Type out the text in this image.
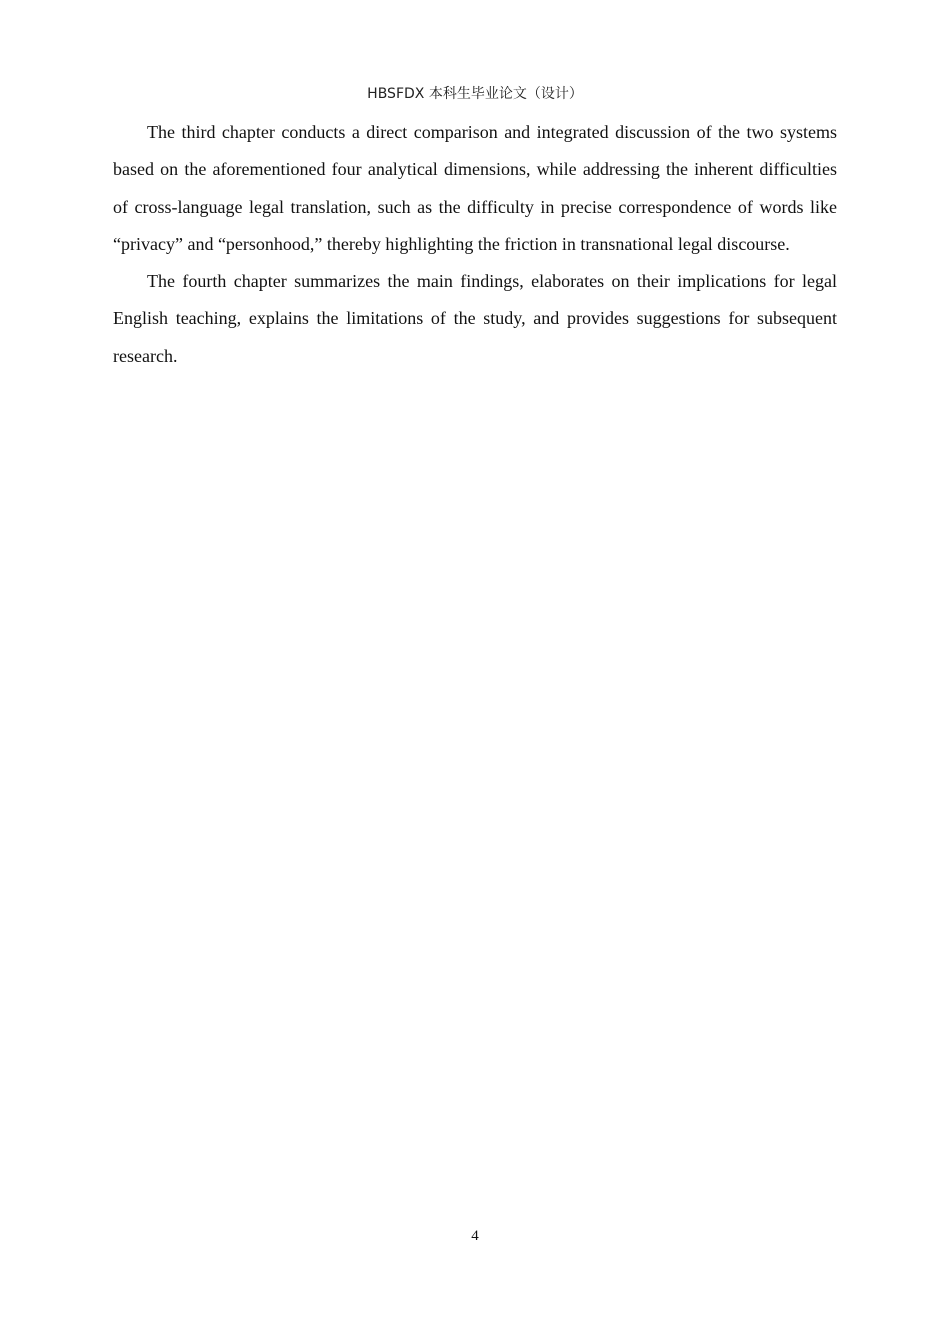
HBSFDX 本科生毕业论文（设计）

The third chapter conducts a direct comparison and integrated discussion of the two systems based on the aforementioned four analytical dimensions, while addressing the inherent difficulties of cross-language legal translation, such as the difficulty in precise correspondence of words like “privacy” and “personhood,” thereby highlighting the friction in transnational legal discourse.

The fourth chapter summarizes the main findings, elaborates on their implications for legal English teaching, explains the limitations of the study, and provides suggestions for subsequent research.

4
